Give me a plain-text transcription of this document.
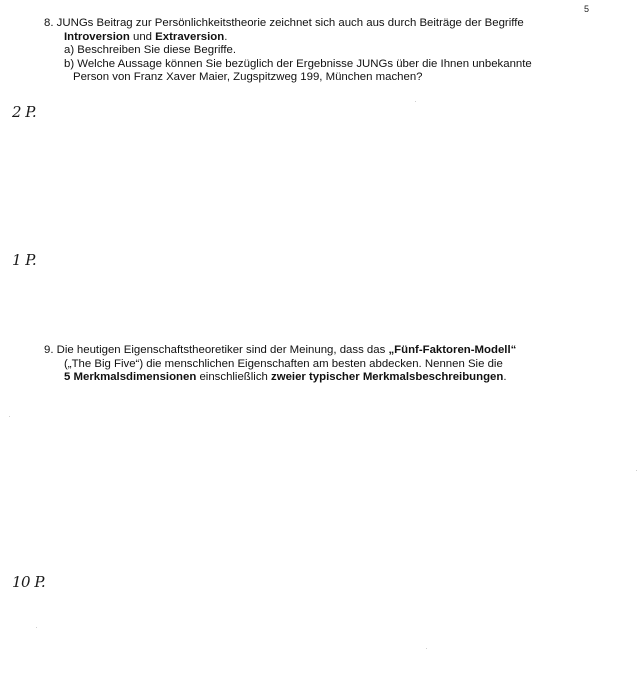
5
8. JUNGs Beitrag zur Persönlichkeitstheorie zeichnet sich auch aus durch Beiträge der Begriffe
Introversion und Extraversion.
a) Beschreiben Sie diese Begriffe.
b) Welche Aussage können Sie bezüglich der Ergebnisse JUNGs über die Ihnen unbekannte
Person von Franz Xaver Maier, Zugspitzweg 199, München machen?
2 P.
1 P.
9. Die heutigen Eigenschaftstheoretiker sind der Meinung, dass das „Fünf-Faktoren-Modell“
(„The Big Five“) die menschlichen Eigenschaften am besten abdecken. Nennen Sie die
5 Merkmalsdimensionen einschließlich zweier typischer Merkmalsbeschreibungen.
10 P.
